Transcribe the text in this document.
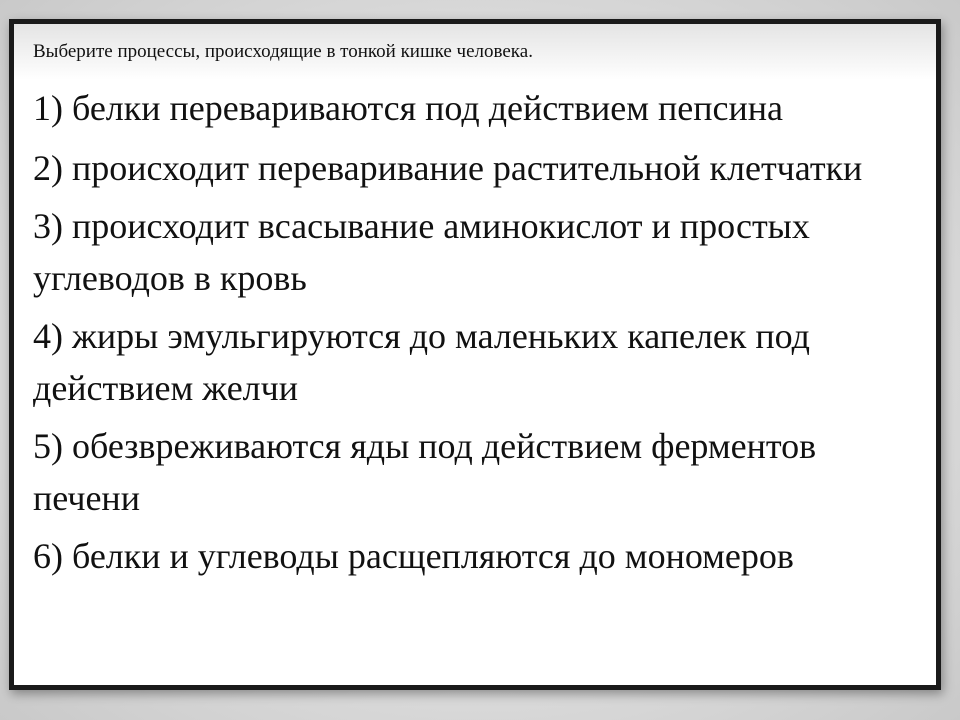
Выберите процессы, происходящие в тонкой кишке человека.
1) белки перевариваются под действием пепсина
2) происходит переваривание растительной клетчатки
3) происходит всасывание аминокислот и простых углеводов в кровь
4) жиры эмульгируются до маленьких капелек под действием желчи
5) обезвреживаются яды под действием ферментов печени
6) белки и углеводы расщепляются до мономеров
